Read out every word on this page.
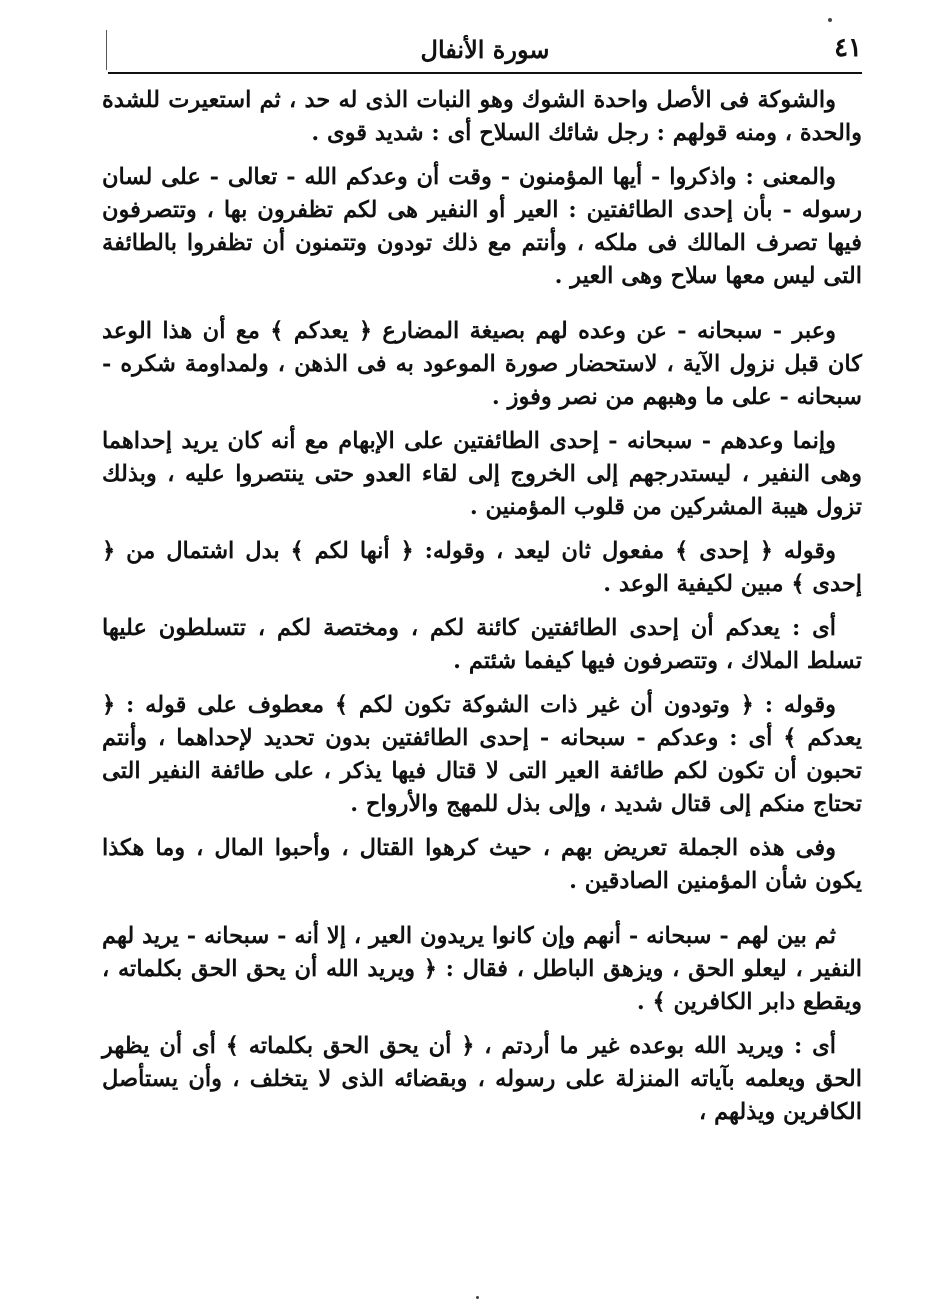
٤١
سورة الأنفال

والشوكة فى الأصل واحدة الشوك وهو النبات الذى له حد ، ثم استعيرت للشدة والحدة ، ومنه قولهم : رجل شائك السلاح أى : شديد قوى .

والمعنى : واذكروا - أيها المؤمنون - وقت أن وعدكم الله - تعالى - على لسان رسوله - بأن إحدى الطائفتين : العير أو النفير هى لكم تظفرون بها ، وتتصرفون فيها تصرف المالك فى ملكه ، وأنتم مع ذلك تودون وتتمنون أن تظفروا بالطائفة التى ليس معها سلاح وهى العير .

وعبر - سبحانه - عن وعده لهم بصيغة المضارع ﴿ يعدكم ﴾ مع أن هذا الوعد كان قبل نزول الآية ، لاستحضار صورة الموعود به فى الذهن ، ولمداومة شكره - سبحانه - على ما وهبهم من نصر وفوز .

وإنما وعدهم - سبحانه - إحدى الطائفتين على الإبهام مع أنه كان يريد إحداهما وهى النفير ، ليستدرجهم إلى الخروج إلى لقاء العدو حتى ينتصروا عليه ، وبذلك تزول هيبة المشركين من قلوب المؤمنين .

وقوله ﴿ إحدى ﴾ مفعول ثان ليعد ، وقوله: ﴿ أنها لكم ﴾ بدل اشتمال من ﴿ إحدى ﴾ مبين لكيفية الوعد .

أى : يعدكم أن إحدى الطائفتين كائنة لكم ، ومختصة لكم ، تتسلطون عليها تسلط الملاك ، وتتصرفون فيها كيفما شئتم .

وقوله : ﴿ وتودون أن غير ذات الشوكة تكون لكم ﴾ معطوف على قوله : ﴿ يعدكم ﴾ أى : وعدكم - سبحانه - إحدى الطائفتين بدون تحديد لإحداهما ، وأنتم تحبون أن تكون لكم طائفة العير التى لا قتال فيها يذكر ، على طائفة النفير التى تحتاج منكم إلى قتال شديد ، وإلى بذل للمهج والأرواح .

وفى هذه الجملة تعريض بهم ، حيث كرهوا القتال ، وأحبوا المال ، وما هكذا يكون شأن المؤمنين الصادقين .

ثم بين لهم - سبحانه - أنهم وإن كانوا يريدون العير ، إلا أنه - سبحانه - يريد لهم النفير ، ليعلو الحق ، ويزهق الباطل ، فقال : ﴿ ويريد الله أن يحق الحق بكلماته ، ويقطع دابر الكافرين ﴾ .

أى : ويريد الله بوعده غير ما أردتم ، ﴿ أن يحق الحق بكلماته ﴾ أى أن يظهر الحق ويعلمه بآياته المنزلة على رسوله ، وبقضائه الذى لا يتخلف ، وأن يستأصل الكافرين ويذلهم ،
